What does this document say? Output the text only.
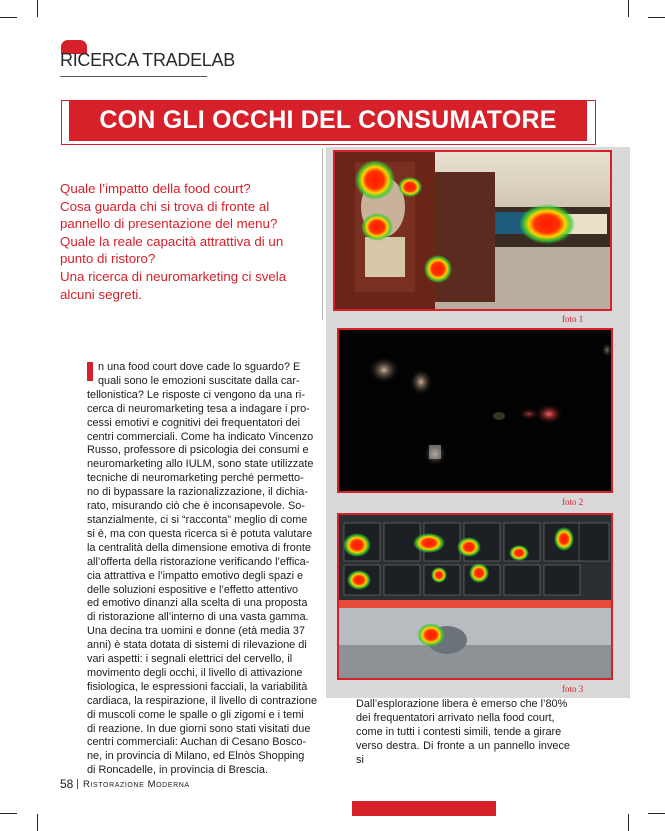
RICERCA TRADELAB
CON GLI OCCHI DEL CONSUMATORE
Quale l’impatto della food court?
Cosa guarda chi si trova di fronte al
pannello di presentazione del menu?
Quale la reale capacità attrattiva di un
punto di ristoro?
Una ricerca di neuromarketing ci svela
alcuni segreti.
foto 1
foto 2
foto 3
n una food court dove cade lo sguardo? E
quali sono le emozioni suscitate dalla car-
tellonistica? Le risposte ci vengono da una ri-
cerca di neuromarketing tesa a indagare i pro-
cessi emotivi e cognitivi dei frequentatori dei
centri commerciali. Come ha indicato Vincenzo
Russo, professore di psicologia dei consumi e
neuromarketing allo IULM, sono state utilizzate
tecniche di neuromarketing perché permetto-
no di bypassare la razionalizzazione, il dichia-
rato, misurando ciò che è inconsapevole. So-
stanzialmente, ci si “racconta” meglio di come
si è, ma con questa ricerca si è potuta valutare
la centralità della dimensione emotiva di fronte
all’offerta della ristorazione verificando l’effica-
cia attrattiva e l’impatto emotivo degli spazi e
delle soluzioni espositive e l’effetto attentivo
ed emotivo dinanzi alla scelta di una proposta
di ristorazione all’interno di una vasta gamma.
Una decina tra uomini e donne (età media 37
anni) è stata dotata di sistemi di rilevazione di
vari aspetti: i segnali elettrici del cervello, il
movimento degli occhi, il livello di attivazione
fisiologica, le espressioni facciali, la variabilità
cardiaca, la respirazione, il livello di contrazione
di muscoli come le spalle o gli zigomi e i temi
di reazione. In due giorni sono stati visitati due
centri commerciali: Auchan di Cesano Bosco-
ne, in provincia di Milano, ed Elnòs Shopping
di Roncadelle, in provincia di Brescia.
Dall’esplorazione libera è emerso che l’80%
dei frequentatori arrivato nella food court,
come in tutti i contesti simili, tende a girare
verso destra. Di fronte a un pannello invece si
58 Ristorazione Moderna
